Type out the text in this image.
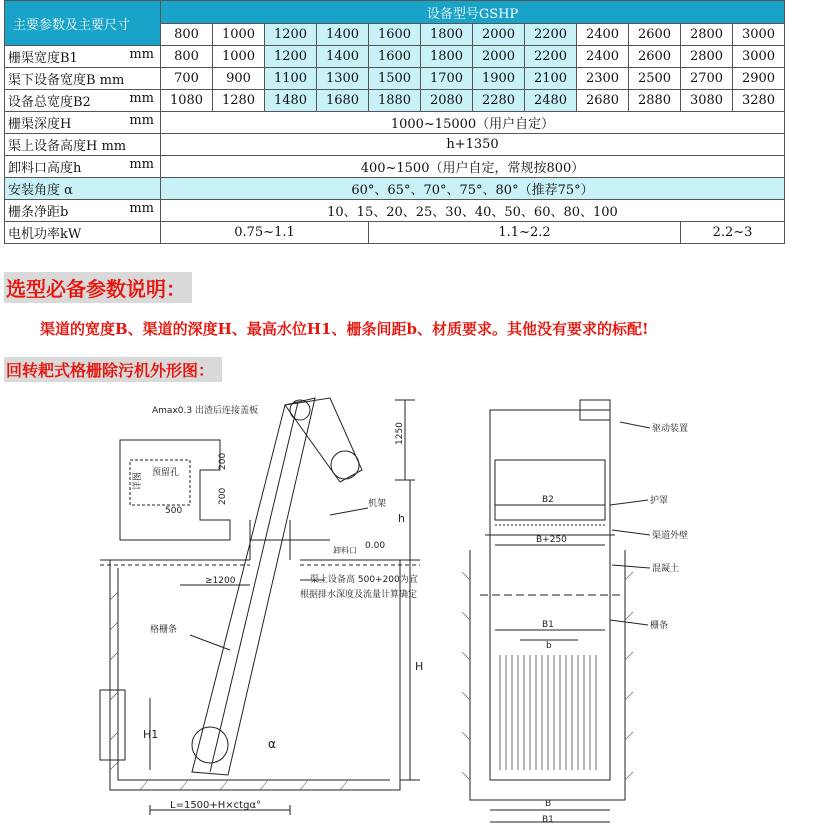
主要参数及主要尺寸	设备型号GSHP											
	800	1000	1200	1400	1600	1800	2000	2200	2400	2600	2800	3000
栅渠宽度B1 mm	800	1000	1200	1400	1600	1800	2000	2200	2400	2600	2800	3000
渠下设备宽度B mm	700	900	1100	1300	1500	1700	1900	2100	2300	2500	2700	2900
设备总宽度B2 mm	1080	1280	1480	1680	1880	2080	2280	2480	2680	2880	3080	3280
栅渠深度H mm	1000~15000（用户自定）											
渠上设备高度H mm	h+1350											
卸料口高度h mm	400~1500（用户自定，常规按800）											
安装角度 α	60°、65°、70°、75°、80°（推荐75°）											
栅条净距b mm	10、15、20、25、30、40、50、60、80、100											
电机功率kW	0.75~1.1				1.1~2.2						2.2~3	
选型必备参数说明：
渠道的宽度B、渠道的深度H、最高水位H1、栅条间距b、材质要求。其他没有要求的标配!
回转耙式格栅除污机外形图：
Amax0.3 出渣后连接盖板
1250
200
200
500
≥1200
机架
0.00
预留孔
详图
渠上设备高 500+200为宜
根据排水深度及流量计算确定
格栅条
H
H1
h
α
L=1500+H×ctgα°
卸料口
B2
B+250
B1
b
B
B1
驱动装置
护罩
渠道外壁
混凝土
栅条
